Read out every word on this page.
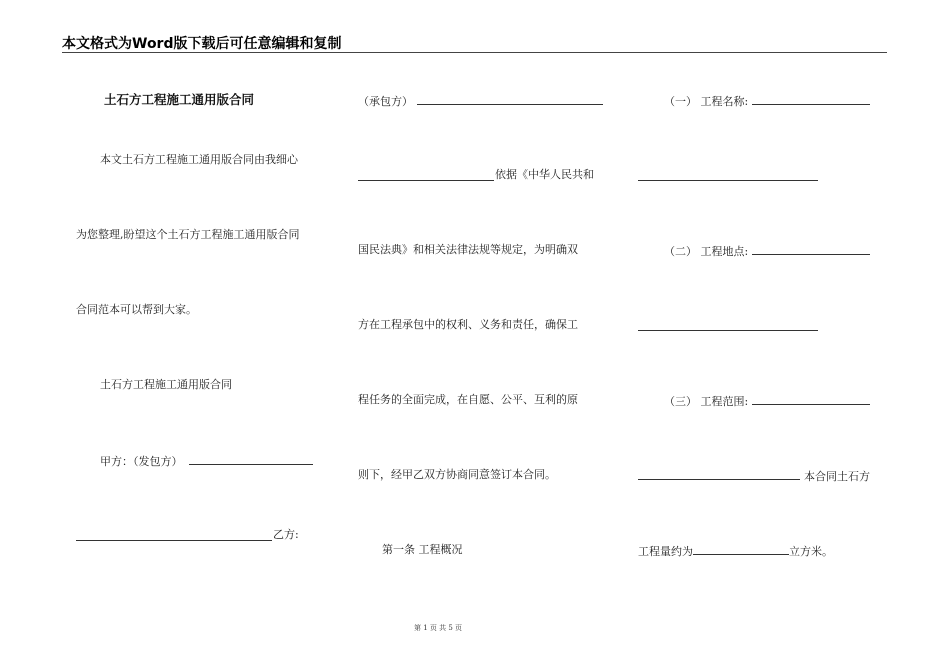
本文格式为Word版下载后可任意编辑和复制
土石方工程施工通用版合同
本文土石方工程施工通用版合同由我细心
为您整理,盼望这个土石方工程施工通用版合同
合同范本可以帮到大家。
土石方工程施工通用版合同
甲方：（发包方）
乙方:
（承包方）
依据《中华人民共和
国民法典》和相关法律法规等规定，为明确双
方在工程承包中的权利、义务和责任，确保工
程任务的全面完成，在自愿、公平、互利的原
则下，经甲乙双方协商同意签订本合同。
第一条 工程概况
（一） 工程名称:
（二） 工程地点:
（三） 工程范围:
本合同土石方
工程量约为	立方米。
第 1 页 共 5 页
